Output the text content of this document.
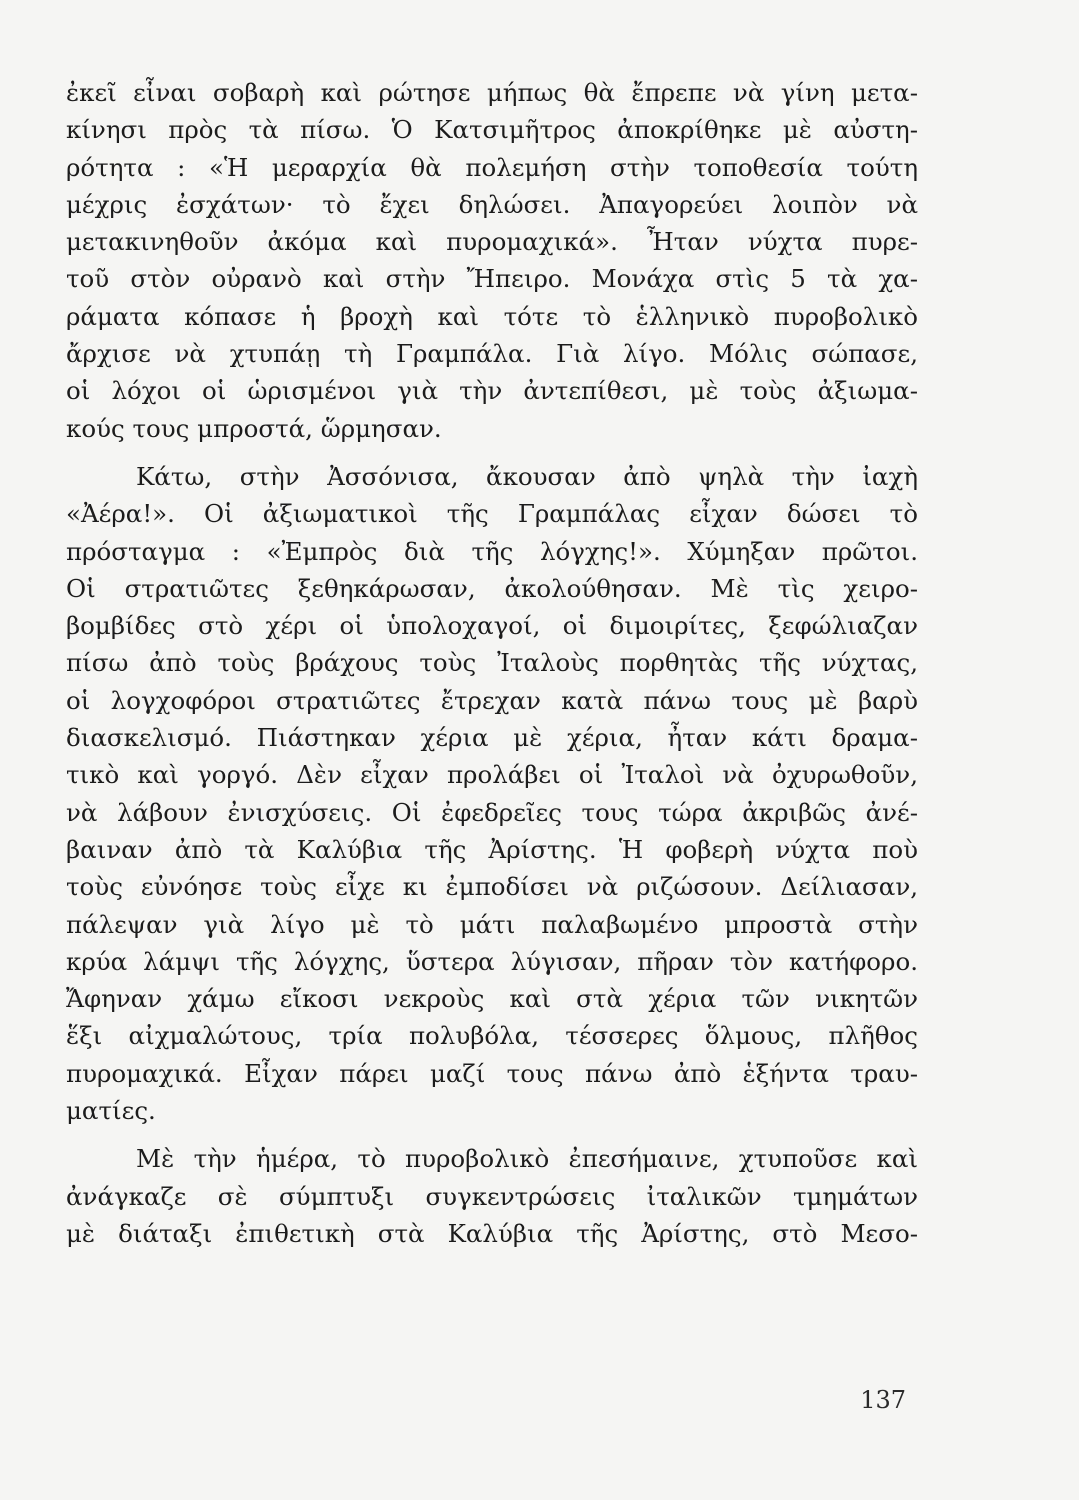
ἐκεῖ εἶναι σοβαρὴ καὶ ρώτησε μήπως θὰ ἔπρεπε νὰ γίνη μετα-
κίνησι πρὸς τὰ πίσω. Ὁ Κατσιμῆτρος ἀποκρίθηκε μὲ αὐστη-
ρότητα : «Ἡ μεραρχία θὰ πολεμήση στὴν τοποθεσία τούτη
μέχρις ἐσχάτων· τὸ ἔχει δηλώσει. Ἀπαγορεύει λοιπὸν νὰ
μετακινηθοῦν ἀκόμα καὶ πυρομαχικά». Ἦταν νύχτα πυρε-
τοῦ στὸν οὐρανὸ καὶ στὴν Ἤπειρο. Μονάχα στὶς 5 τὰ χα-
ράματα κόπασε ἡ βροχὴ καὶ τότε τὸ ἑλληνικὸ πυροβολικὸ
ἄρχισε νὰ χτυπάῃ τὴ Γραμπάλα. Γιὰ λίγο. Μόλις σώπασε,
οἱ λόχοι οἱ ὡρισμένοι γιὰ τὴν ἀντεπίθεσι, μὲ τοὺς ἀξιωμα-
κούς τους μπροστά, ὥρμησαν.
Κάτω, στὴν Ἀσσόνισα, ἄκουσαν ἀπὸ ψηλὰ τὴν ἰαχὴ
«Ἀέρα!». Οἱ ἀξιωματικοὶ τῆς Γραμπάλας εἶχαν δώσει τὸ
πρόσταγμα : «Ἐμπρὸς διὰ τῆς λόγχης!». Χύμηξαν πρῶτοι.
Οἱ στρατιῶτες ξεθηκάρωσαν, ἀκολούθησαν. Μὲ τὶς χειρο-
βομβίδες στὸ χέρι οἱ ὑπολοχαγοί, οἱ διμοιρίτες, ξεφώλιαζαν
πίσω ἀπὸ τοὺς βράχους τοὺς Ἰταλοὺς πορθητὰς τῆς νύχτας,
οἱ λογχοφόροι στρατιῶτες ἔτρεχαν κατὰ πάνω τους μὲ βαρὺ
διασκελισμό. Πιάστηκαν χέρια μὲ χέρια, ἦταν κάτι δραμα-
τικὸ καὶ γοργό. Δὲν εἶχαν προλάβει οἱ Ἰταλοὶ νὰ ὀχυρωθοῦν,
νὰ λάβουν ἐνισχύσεις. Οἱ ἐφεδρεῖες τους τώρα ἀκριβῶς ἀνέ-
βαιναν ἀπὸ τὰ Καλύβια τῆς Ἀρίστης. Ἡ φοβερὴ νύχτα ποὺ
τοὺς εὐνόησε τοὺς εἶχε κι ἐμποδίσει νὰ ριζώσουν. Δείλιασαν,
πάλεψαν γιὰ λίγο μὲ τὸ μάτι παλαβωμένο μπροστὰ στὴν
κρύα λάμψι τῆς λόγχης, ὕστερα λύγισαν, πῆραν τὸν κατήφορο.
Ἄφηναν χάμω εἴκοσι νεκροὺς καὶ στὰ χέρια τῶν νικητῶν
ἕξι αἰχμαλώτους, τρία πολυβόλα, τέσσερες ὅλμους, πλῆθος
πυρομαχικά. Εἶχαν πάρει μαζί τους πάνω ἀπὸ ἑξήντα τραυ-
ματίες.
Μὲ τὴν ἡμέρα, τὸ πυροβολικὸ ἐπεσήμαινε, χτυποῦσε καὶ
ἀνάγκαζε σὲ σύμπτυξι συγκεντρώσεις ἰταλικῶν τμημάτων
μὲ διάταξι ἐπιθετικὴ στὰ Καλύβια τῆς Ἀρίστης, στὸ Μεσο-
137
